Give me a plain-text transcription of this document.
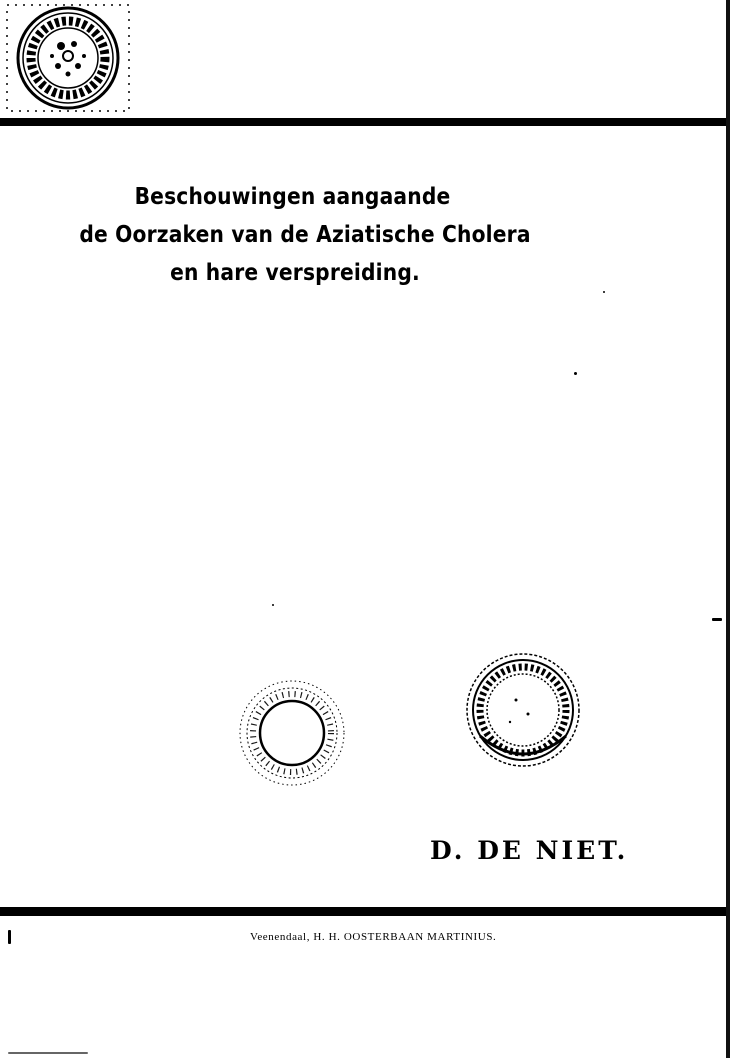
Beschouwingen aangaande
de Oorzaken van de Aziatische Cholera
en hare verspreiding.
D. DE NIET.
Veenendaal, H. H. OOSTERBAAN MARTINIUS.
